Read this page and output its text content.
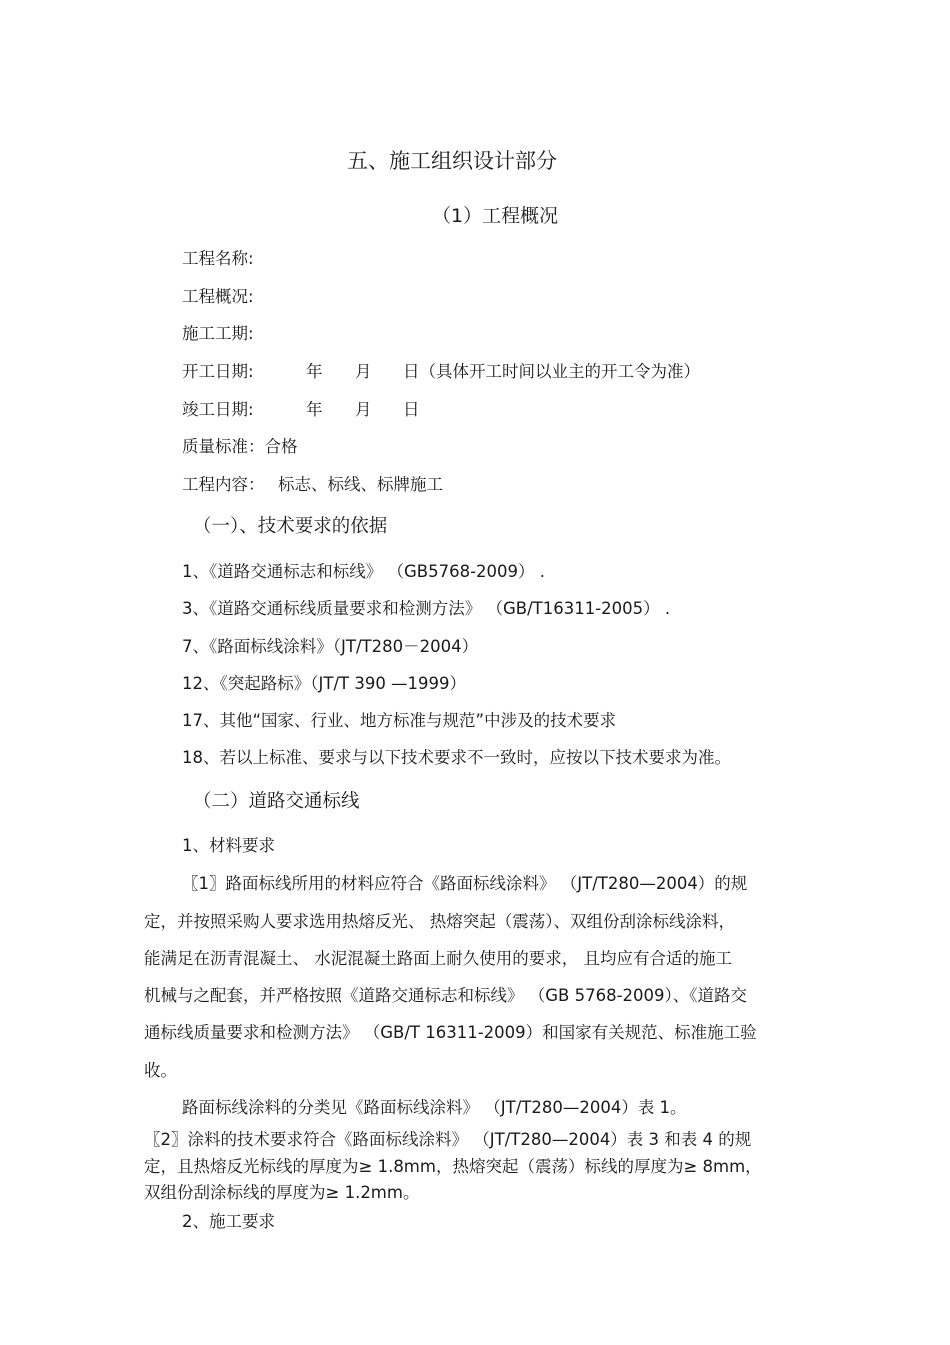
五、施工组织设计部分
（1）工程概况
工程名称:
工程概况:
施工工期:
开工日期:	年 月 日（具体开工时间以业主的开工令为准）
竣工日期:	年 月 日
质量标准：合格
工程内容： 标志、标线、标牌施工
（一）、技术要求的依据
1、《道路交通标志和标线》 （GB5768-2009） .
3、《道路交通标线质量要求和检测方法》 （GB/T16311-2005） .
7、《路面标线涂料》（JT/T280－2004）
12、《突起路标》（JT/T 390 —1999）
17、其他“国家、行业、地方标准与规范”中涉及的技术要求
18、若以上标准、要求与以下技术要求不一致时，应按以下技术要求为准。
（二）道路交通标线
1、材料要求
〖1〗路面标线所用的材料应符合《路面标线涂料》 （JT/T280—2004）的规
定，并按照采购人要求选用热熔反光、 热熔突起（震荡）、双组份刮涂标线涂料，
能满足在沥青混凝土、 水泥混凝土路面上耐久使用的要求， 且均应有合适的施工
机械与之配套，并严格按照《道路交通标志和标线》 （GB 5768-2009）、《道路交
通标线质量要求和检测方法》 （GB/T 16311-2009）和国家有关规范、标准施工验
收。
路面标线涂料的分类见《路面标线涂料》 （JT/T280—2004）表 1。
〖2〗涂料的技术要求符合《路面标线涂料》 （JT/T280—2004）表 3 和表 4 的规
定，且热熔反光标线的厚度为≥ 1.8mm，热熔突起（震荡）标线的厚度为≥ 8mm，
双组份刮涂标线的厚度为≥ 1.2mm。
2、施工要求
